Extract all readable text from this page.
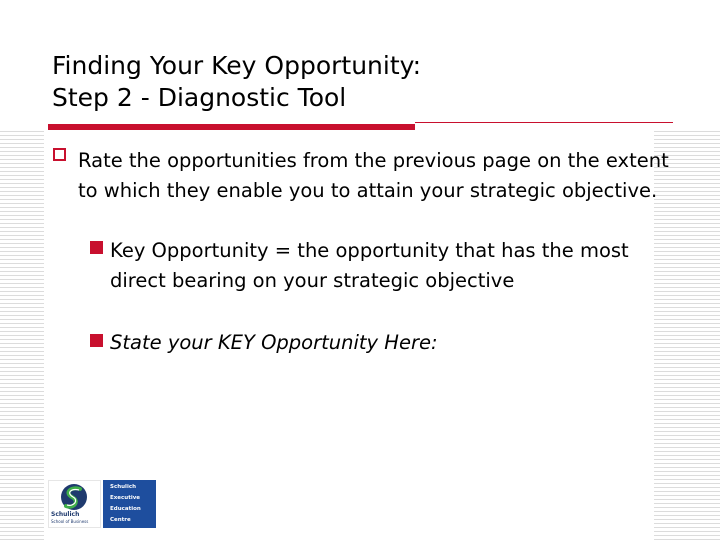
Finding Your Key Opportunity:
Step 2 - Diagnostic Tool

Rate the opportunities from the previous page on the extent to which they enable you to attain your strategic objective.

Key Opportunity = the opportunity that has the most direct bearing on your strategic objective

State your KEY Opportunity Here:

Schulich
School of Business
Schulich
Executive
Education
Centre
